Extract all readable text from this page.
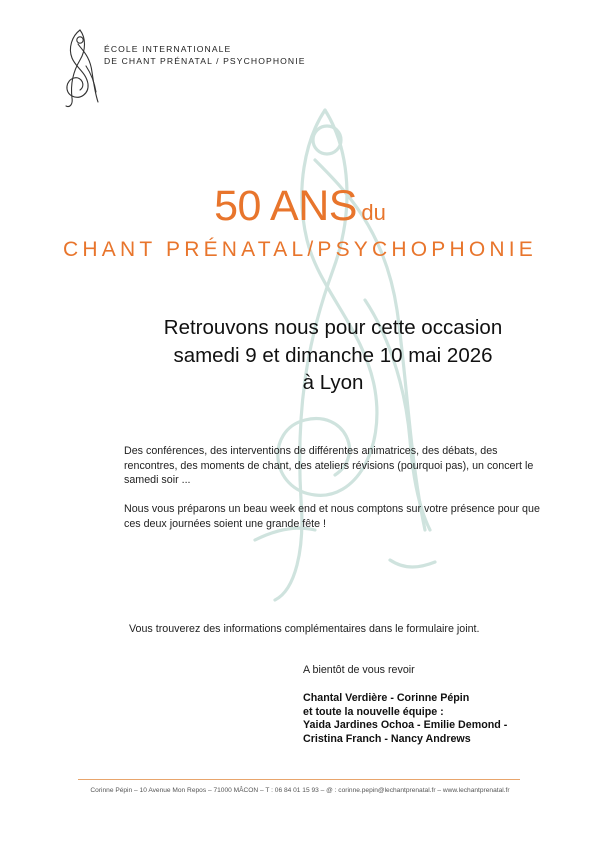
ÉCOLE INTERNATIONALE
DE CHANT PRÉNATAL / PSYCHOPHONIE
50 ANS du
CHANT PRÉNATAL/PSYCHOPHONIE
Retrouvons nous pour cette occasion
samedi 9 et dimanche 10 mai 2026
à Lyon
Des conférences, des interventions de différentes animatrices, des débats, des rencontres, des moments de chant, des ateliers révisions (pourquoi pas), un concert le samedi soir ...
Nous vous préparons un beau week end et nous comptons sur votre présence pour que ces deux journées soient une grande fête !
Vous trouverez des informations complémentaires dans le formulaire joint.
A bientôt de vous revoir
Chantal Verdière - Corinne Pépin
et toute la nouvelle équipe :
Yaida Jardines Ochoa - Emilie Demond -
Cristina Franch - Nancy Andrews
Corinne Pépin – 10 Avenue Mon Repos – 71000 MÂCON – T : 06 84 01 15 93 – @ : corinne.pepin@lechantprenatal.fr – www.lechantprenatal.fr
